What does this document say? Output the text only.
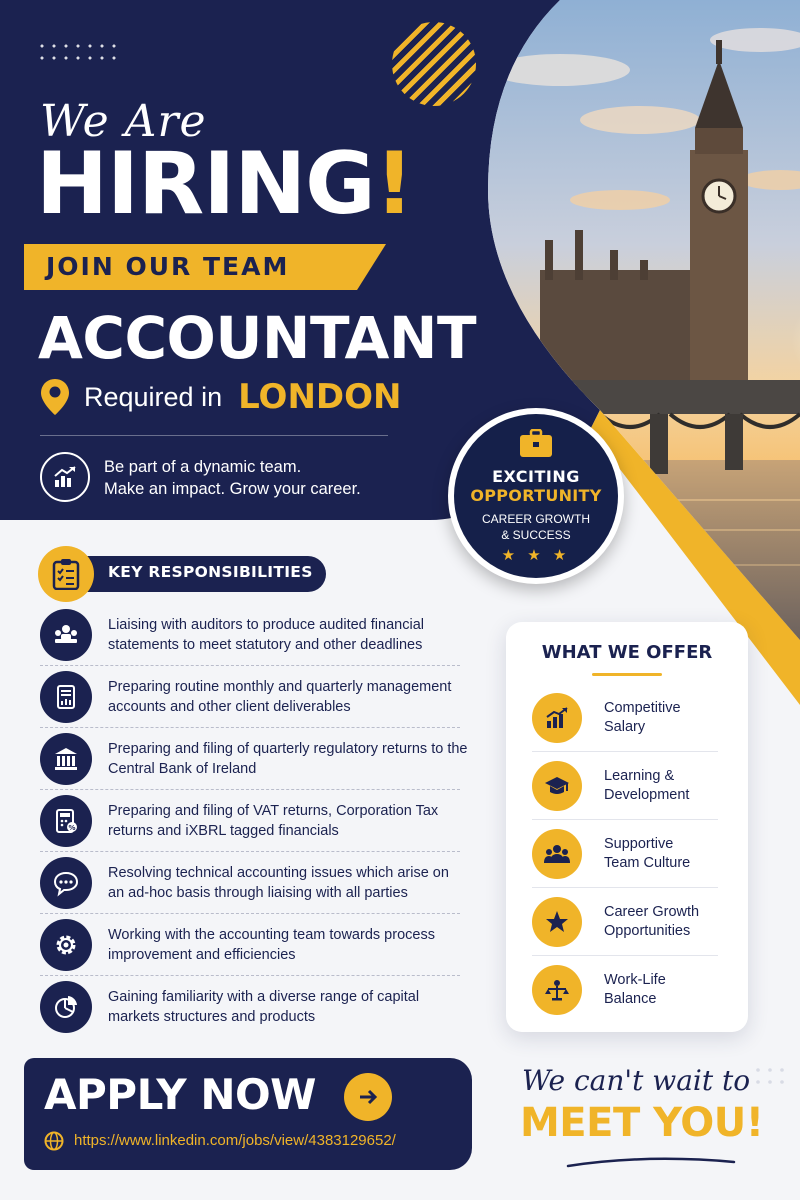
We Are
HIRING!
JOIN OUR TEAM
ACCOUNTANT
Required in LONDON
Be part of a dynamic team.
Make an impact. Grow your career.
EXCITING
OPPORTUNITY
CAREER GROWTH
& SUCCESS
★ ★ ★
KEY RESPONSIBILITIES
Liaising with auditors to produce audited financial statements to meet statutory and other deadlines
Preparing routine monthly and quarterly management accounts and other client deliverables
Preparing and filing of quarterly regulatory returns to the Central Bank of Ireland
%
Preparing and filing of VAT returns, Corporation Tax returns and iXBRL tagged financials
Resolving technical accounting issues which arise on an ad-hoc basis through liaising with all parties
Working with the accounting team towards process improvement and efficiencies
Gaining familiarity with a diverse range of capital markets structures and products
WHAT WE OFFER
Competitive
Salary
Learning &
Development
Supportive
Team Culture
Career Growth
Opportunities
Work-Life
Balance
APPLY NOW
https://www.linkedin.com/jobs/view/4383129652/
We can't wait to
MEET YOU!
